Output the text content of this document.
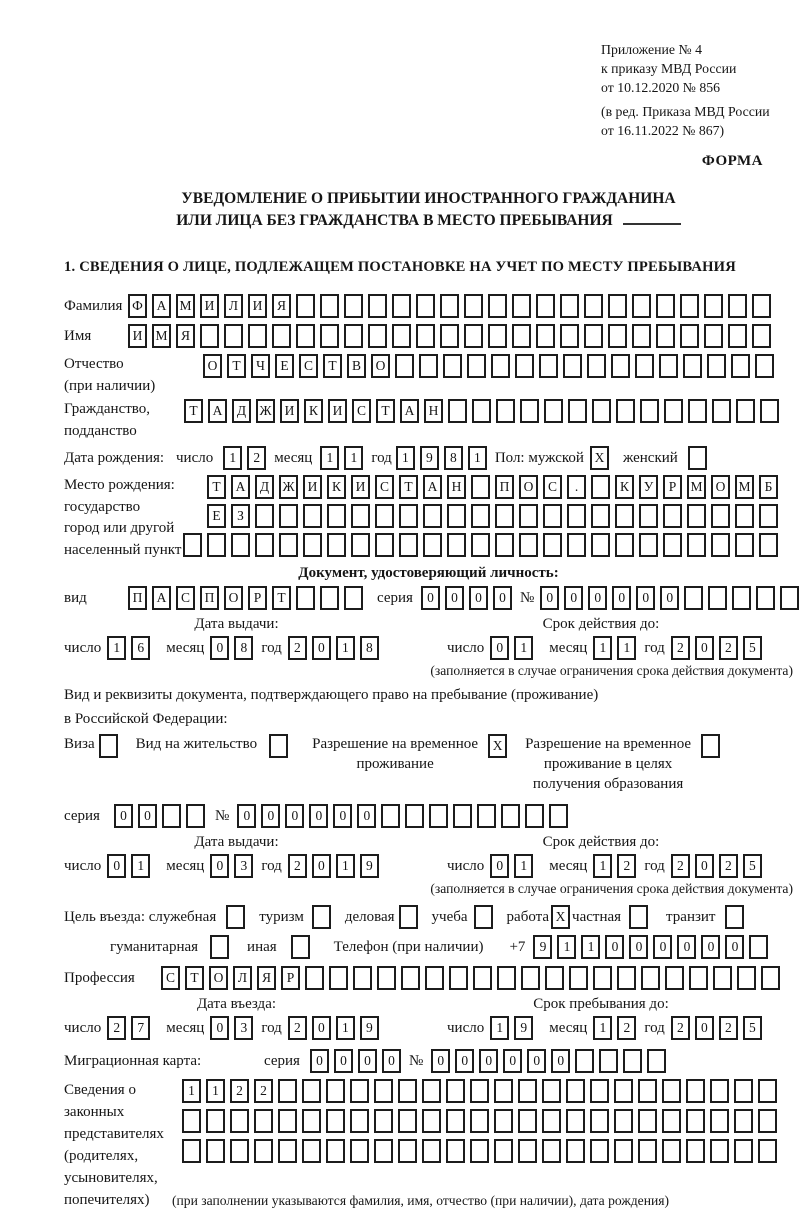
Приложение № 4
к приказу МВД России
от 10.12.2020 № 856
(в ред. Приказа МВД России
от 16.11.2022 № 867)
ФОРМА
УВЕДОМЛЕНИЕ О ПРИБЫТИИ ИНОСТРАННОГО ГРАЖДАНИНА
ИЛИ ЛИЦА БЕЗ ГРАЖДАНСТВА В МЕСТО ПРЕБЫВАНИЯ
1. СВЕДЕНИЯ О ЛИЦЕ, ПОДЛЕЖАЩЕМ ПОСТАНОВКЕ НА УЧЕТ ПО МЕСТУ ПРЕБЫВАНИЯ
Фамилия Ф	А М И	Л	И	Я
Имя	И М Я
Отчество
(при наличии)
О	Т	Ч	Е	С	Т	В	О
Гражданство,
подданство
Т	А	Д Ж И	К	И	С	Т	А	Н
Дата рождения: число	1	2 месяц	1	1 год 1	9	8	1 Пол: мужской X	женский
Место рождения:
государство
город или другой
населенный пункт
Т	А	Д Ж И	К	И	С	Т	А	Н	П	О	С	.	К	У	Р	М О М	Б
Е	З
Документ, удостоверяющий личность:
вид	П	А	С	П	О	Р	Т	серия	0	0	0	0 № 0	0	0	0	0	0
Дата выдачи:	Срок действия до:
число 1	6	месяц 0	8 год 2	0	1	8	число 0	1	месяц 1	1 год 2	0	2	5
(заполняется в случае ограничения срока действия документа)
Вид и реквизиты документа, подтверждающего право на пребывание (проживание)
в Российской Федерации:
Виза	Вид на жительство	Разрешение на временное
проживание
X	Разрешение на временное
проживание в целях
получения образования
серия	0	0	№	0	0	0	0	0	0
Дата выдачи:	Срок действия до:
число 0	1	месяц 0	3 год 2	0	1	9	число 0	1	месяц 1	2 год 2	0	2	5
(заполняется в случае ограничения срока действия документа)
Цель въезда: служебная	туризм	деловая учеба	работа X частная	транзит
гуманитарная	иная	Телефон (при наличии) +7	9	1	1	0	0	0	0	0	0
Профессия	С	Т	О	Л	Я	Р
Дата въезда:	Срок пребывания до:
число 2	7	месяц 0	3 год 2	0	1	9	число 1	9	месяц 1	2 год 2	0	2	5
Миграционная карта:	серия	0	0	0	0 №	0	0	0	0	0	0
Сведения о
законных
представителях
(родителях,
усыновителях,
попечителях)
1	1	2	2
(при заполнении указываются фамилия, имя, отчество (при наличии), дата рождения)
